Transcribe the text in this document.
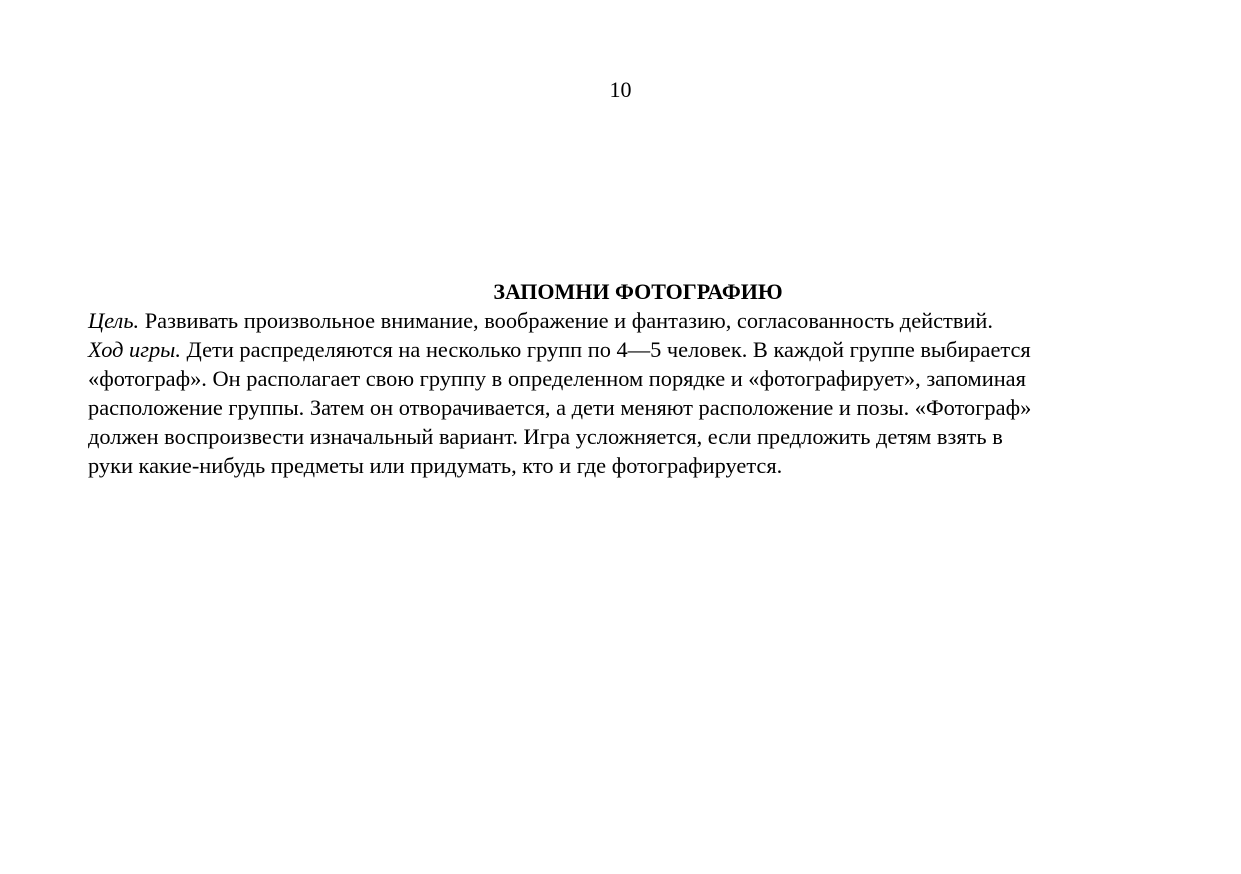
10
ЗАПОМНИ ФОТОГРАФИЮ

Цель. Развивать произвольное внимание, воображение и фантазию, согласованность действий.

Ход игры. Дети распределяются на несколько групп по 4—5 человек. В каждой группе выбирается

«фотограф». Он располагает свою группу в определенном порядке и «фотографирует», запоминая

расположение группы. Затем он отворачивается, а дети меняют расположение и позы. «Фотограф»

должен воспроизвести изначальный вариант. Игра усложняется, если предложить детям взять в

руки какие-нибудь предметы или придумать, кто и где фотографируется.
